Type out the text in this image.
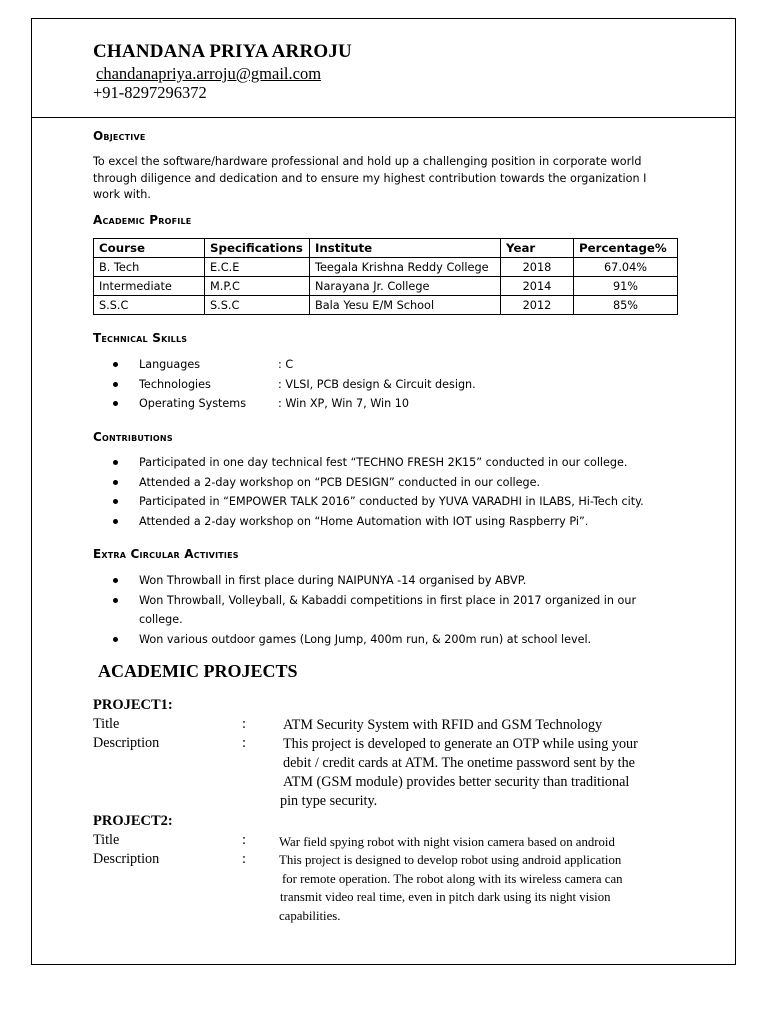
CHANDANA PRIYA ARROJU
chandanapriya.arroju@gmail.com
+91-8297296372
Objective
To excel the software/hardware professional and hold up a challenging position in corporate world
through diligence and dedication and to ensure my highest contribution towards the organization I
work with.
Academic Profile
Course	Specifications	Institute	Year	Percentage%
B. Tech	E.C.E	Teegala Krishna Reddy College	2018	67.04%
Intermediate	M.P.C	Narayana Jr. College	2014	91%
S.S.C	S.S.C	Bala Yesu E/M School	2012	85%
Technical Skills
Languages	: C
Technologies	: VLSI, PCB design & Circuit design.
Operating Systems	: Win XP, Win 7, Win 10
Contributions
Participated in one day technical fest “TECHNO FRESH 2K15” conducted in our college.
Attended a 2-day workshop on “PCB DESIGN” conducted in our college.
Participated in “EMPOWER TALK 2016” conducted by YUVA VARADHI in ILABS, Hi-Tech city.
Attended a 2-day workshop on “Home Automation with IOT using Raspberry Pi”.
Extra Circular Activities
Won Throwball in first place during NAIPUNYA -14 organised by ABVP.
Won Throwball, Volleyball, & Kabaddi competitions in first place in 2017 organized in our
college.
Won various outdoor games (Long Jump, 400m run, & 200m run) at school level.
ACADEMIC PROJECTS
PROJECT1:
Title	:	ATM Security System with RFID and GSM Technology
Description	:	This project is developed to generate an OTP while using your
debit / credit cards at ATM. The onetime password sent by the
ATM (GSM module) provides better security than traditional
pin type security.
PROJECT2:
Title	:	War field spying robot with night vision camera based on android
Description	:	This project is designed to develop robot using android application
for remote operation. The robot along with its wireless camera can
transmit video real time, even in pitch dark using its night vision
capabilities.
